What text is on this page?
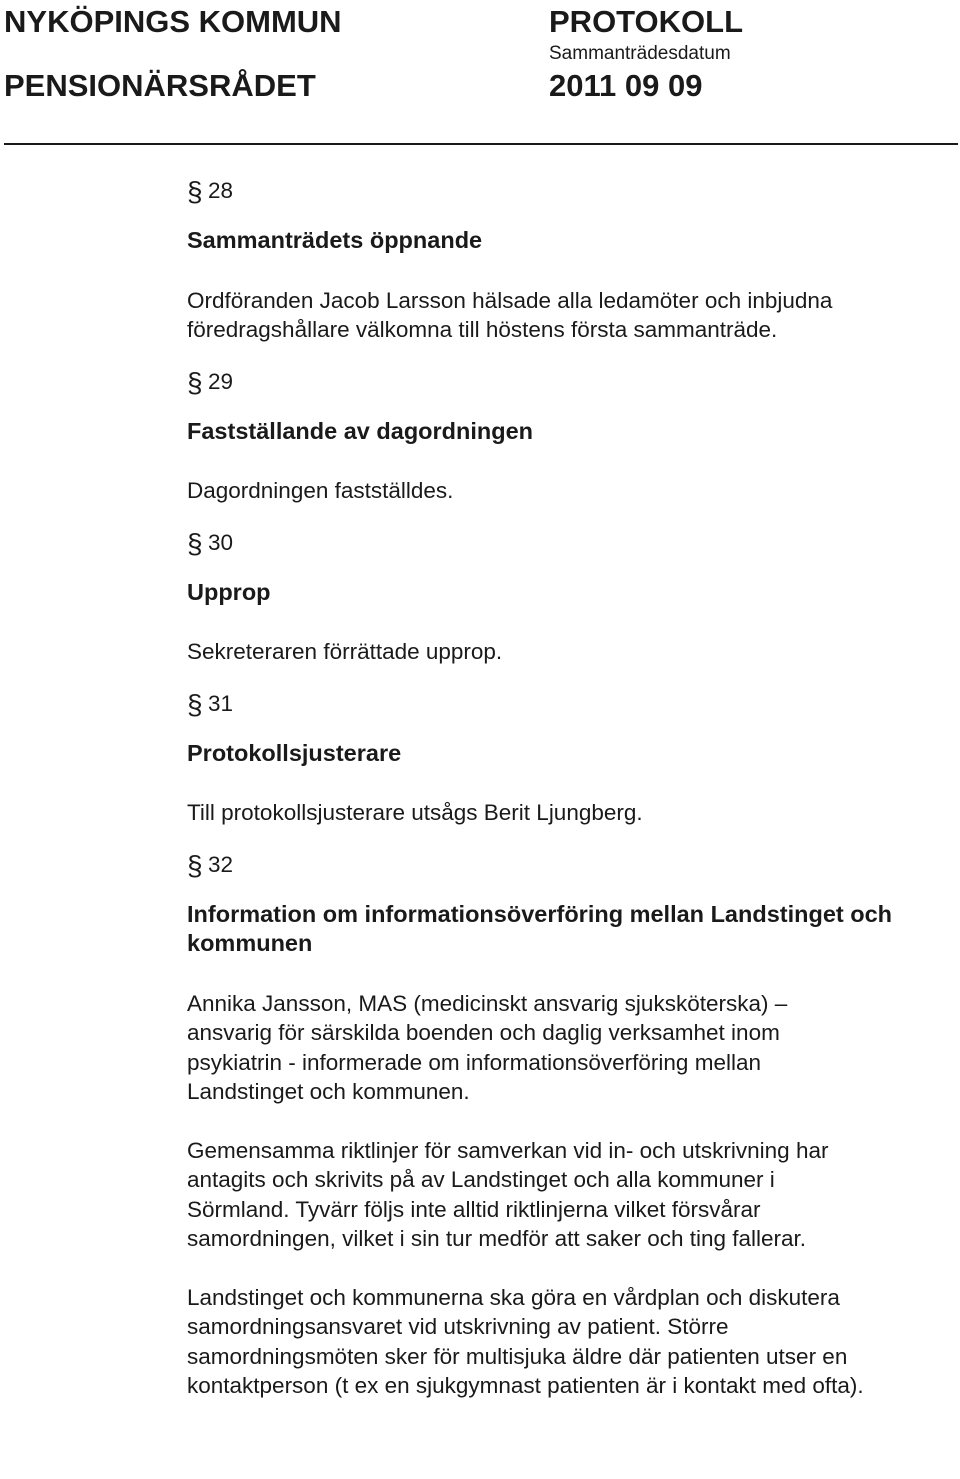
NYKÖPINGS KOMMUN
PENSIONÄRSRÅDET
PROTOKOLL
Sammanträdesdatum
2011 09 09
§ 28
Sammanträdets öppnande

Ordföranden Jacob Larsson hälsade alla ledamöter och inbjudna
föredragshållare välkomna till höstens första sammanträde.

§ 29
Fastställande av dagordningen

Dagordningen fastställdes.

§ 30
Upprop

Sekreteraren förrättade upprop.

§ 31
Protokollsjusterare

Till protokollsjusterare utsågs Berit Ljungberg.

§ 32
Information om informationsöverföring mellan Landstinget och
kommunen

Annika Jansson, MAS (medicinskt ansvarig sjuksköterska) –
ansvarig för särskilda boenden och daglig verksamhet inom
psykiatrin - informerade om informationsöverföring mellan
Landstinget och kommunen.

Gemensamma riktlinjer för samverkan vid in- och utskrivning har
antagits och skrivits på av Landstinget och alla kommuner i
Sörmland. Tyvärr följs inte alltid riktlinjerna vilket försvårar
samordningen, vilket i sin tur medför att saker och ting fallerar.

Landstinget och kommunerna ska göra en vårdplan och diskutera
samordningsansvaret vid utskrivning av patient. Större
samordningsmöten sker för multisjuka äldre där patienten utser en
kontaktperson (t ex en sjukgymnast patienten är i kontakt med ofta).
